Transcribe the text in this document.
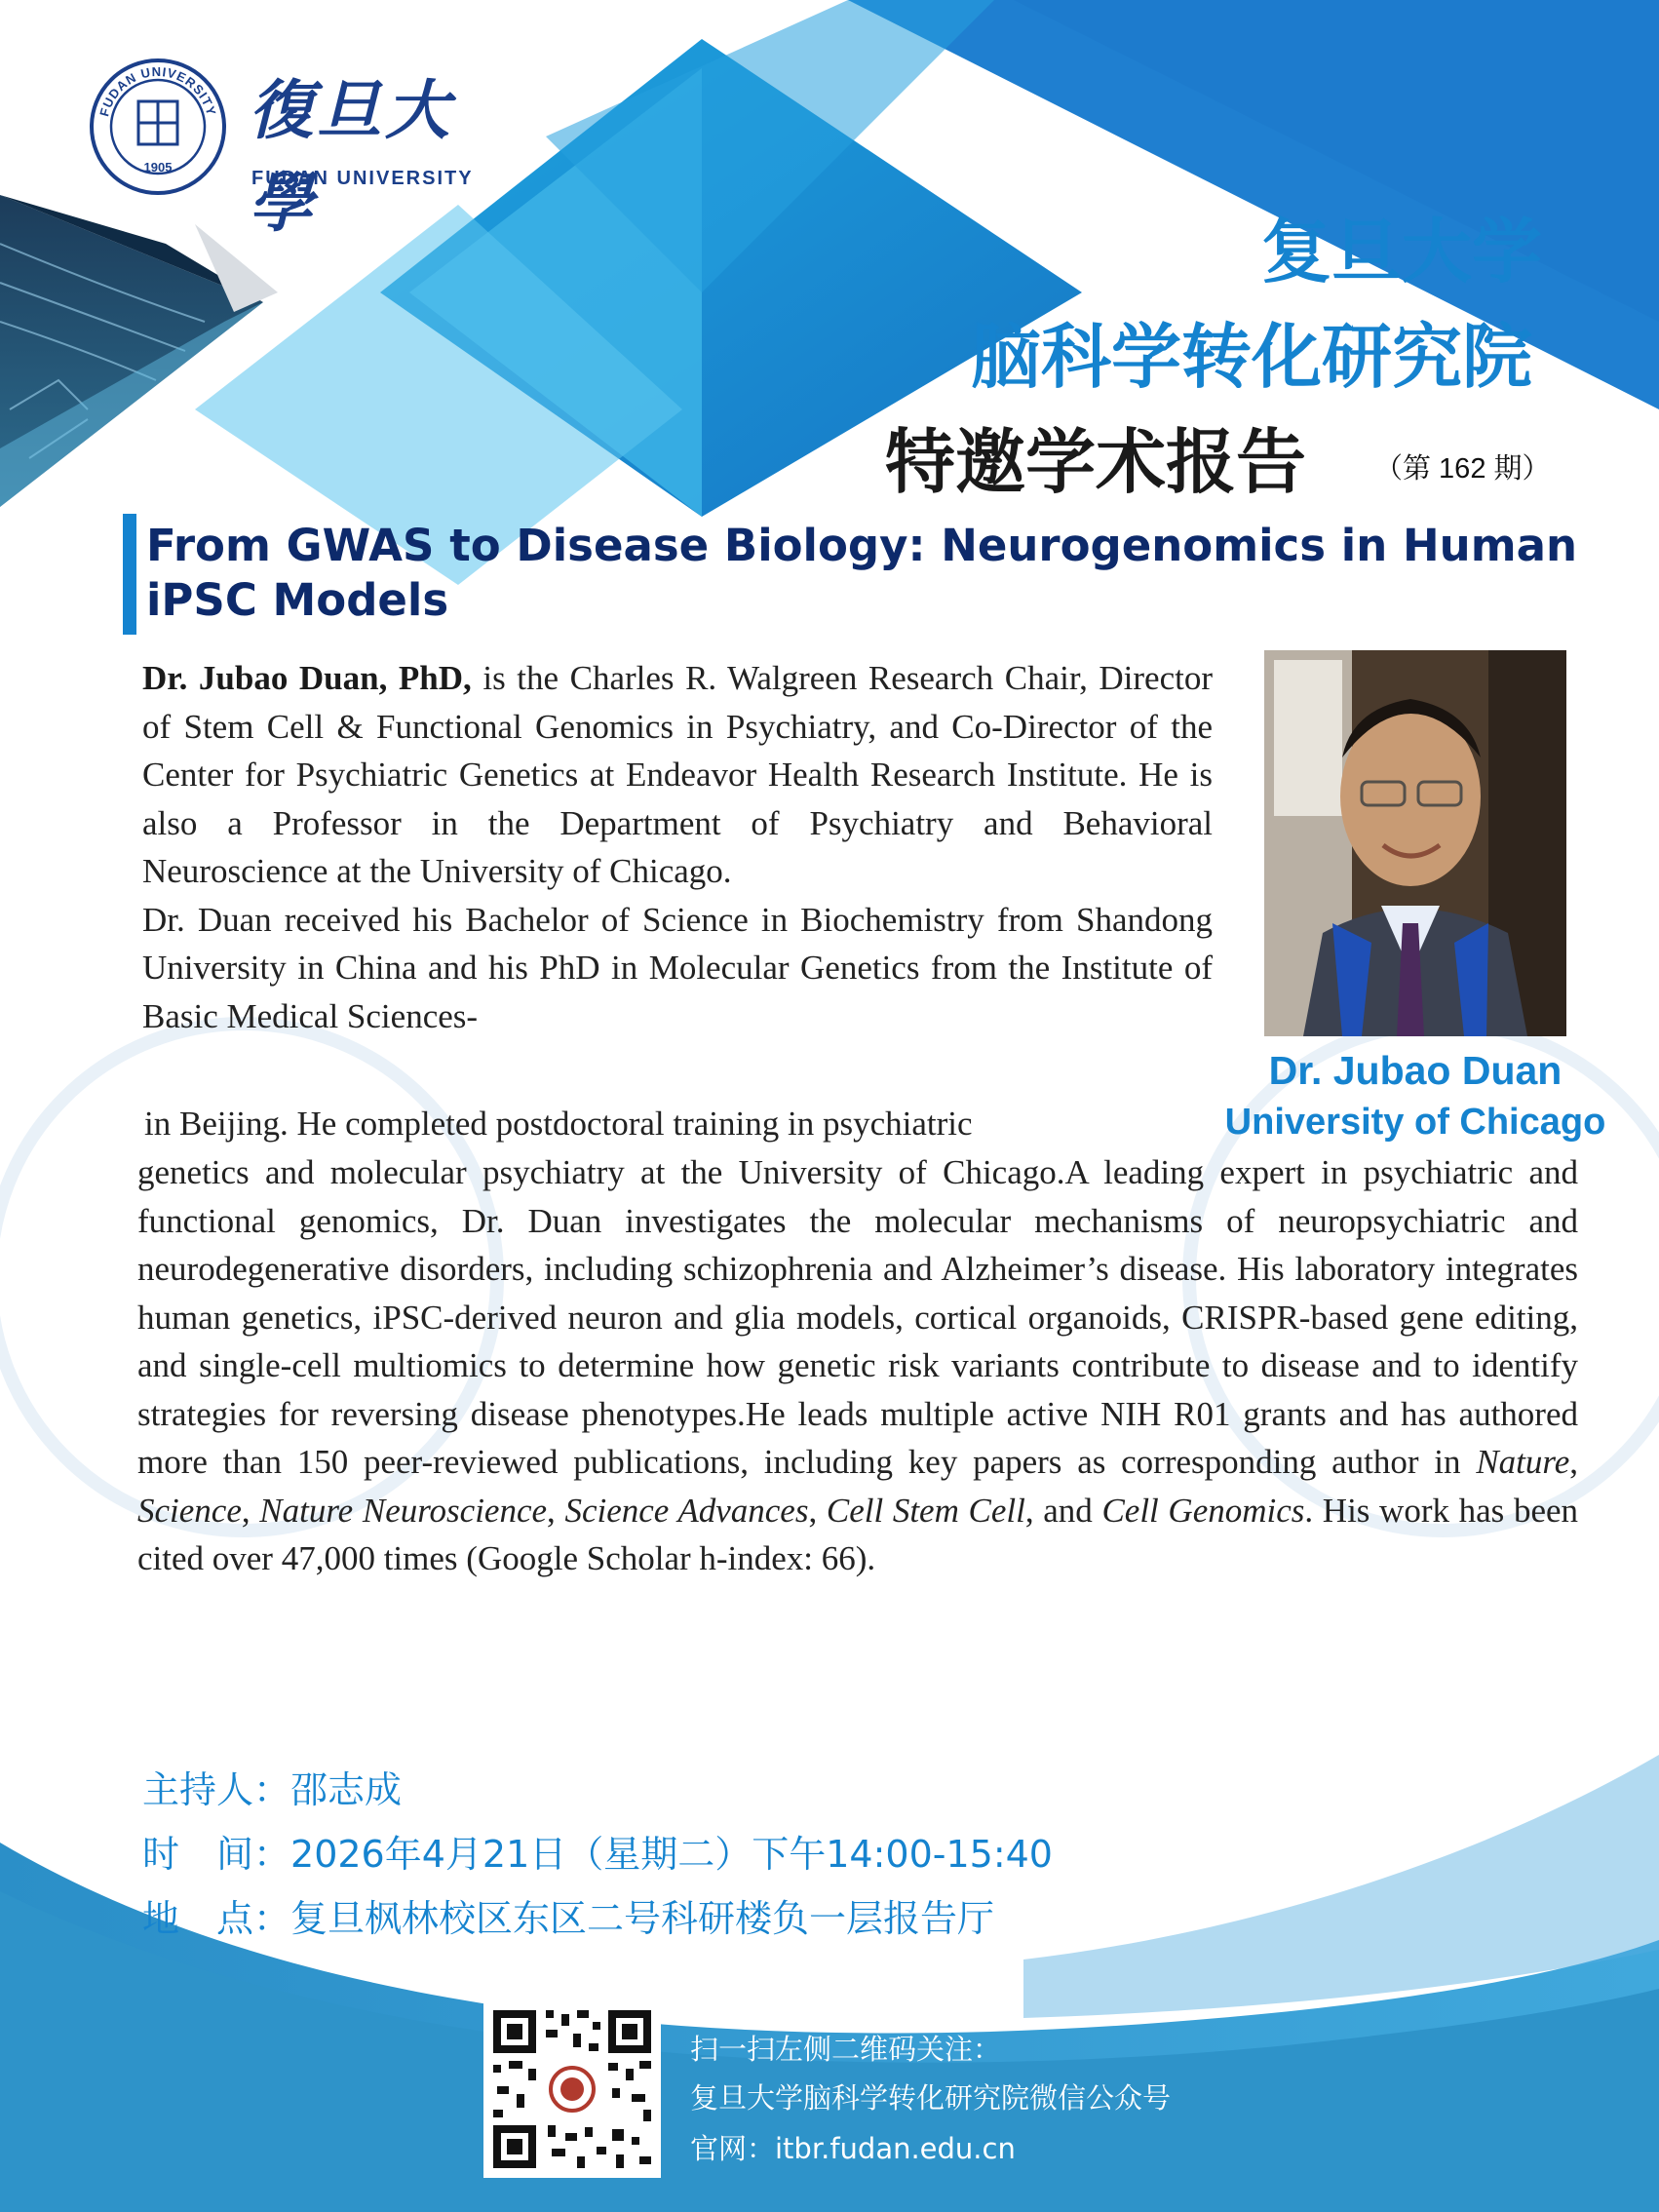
FUDAN UNIVERSITY
1905
復旦大學
FUDAN UNIVERSITY
复旦大学
脑科学转化研究院
特邀学术报告 （第 162 期）
From GWAS to Disease Biology: Neurogenomics in Human iPSC Models
Dr. Jubao Duan
University of Chicago
Dr. Jubao Duan, PhD, is the Charles R. Walgreen Research Chair, Director of Stem Cell & Functional Genomics in Psychiatry, and Co-Director of the Center for Psychiatric Genetics at Endeavor Health Research Institute. He is also a Professor in the Department of Psychiatry and Behavioral Neuroscience at the University of Chicago.
Dr. Duan received his Bachelor of Science in Biochemistry from Shandong University in China and his PhD in Molecular Genetics from the Institute of Basic Medical Sciences-
in Beijing. He completed postdoctoral training in psychiatric
genetics and molecular psychiatry at the University of Chicago.A leading expert in psychiatric and functional genomics, Dr. Duan investigates the molecular mechanisms of neuropsychiatric and neurodegenerative disorders, including schizophrenia and Alzheimer’s disease. His laboratory integrates human genetics, iPSC-derived neuron and glia models, cortical organoids, CRISPR-based gene editing, and single-cell multiomics to determine how genetic risk variants contribute to disease and to identify strategies for reversing disease phenotypes.He leads multiple active NIH R01 grants and has authored more than 150 peer-reviewed publications, including key papers as corresponding author in Nature, Science, Nature Neuroscience, Science Advances, Cell Stem Cell, and Cell Genomics. His work has been cited over 47,000 times (Google Scholar h-index: 66).
主持人：邵志成
时　间：2026年4月21日（星期二）下午14:00-15:40
地　点：复旦枫林校区东区二号科研楼负一层报告厅
扫一扫左侧二维码关注：
复旦大学脑科学转化研究院微信公众号
官网：itbr.fudan.edu.cn
